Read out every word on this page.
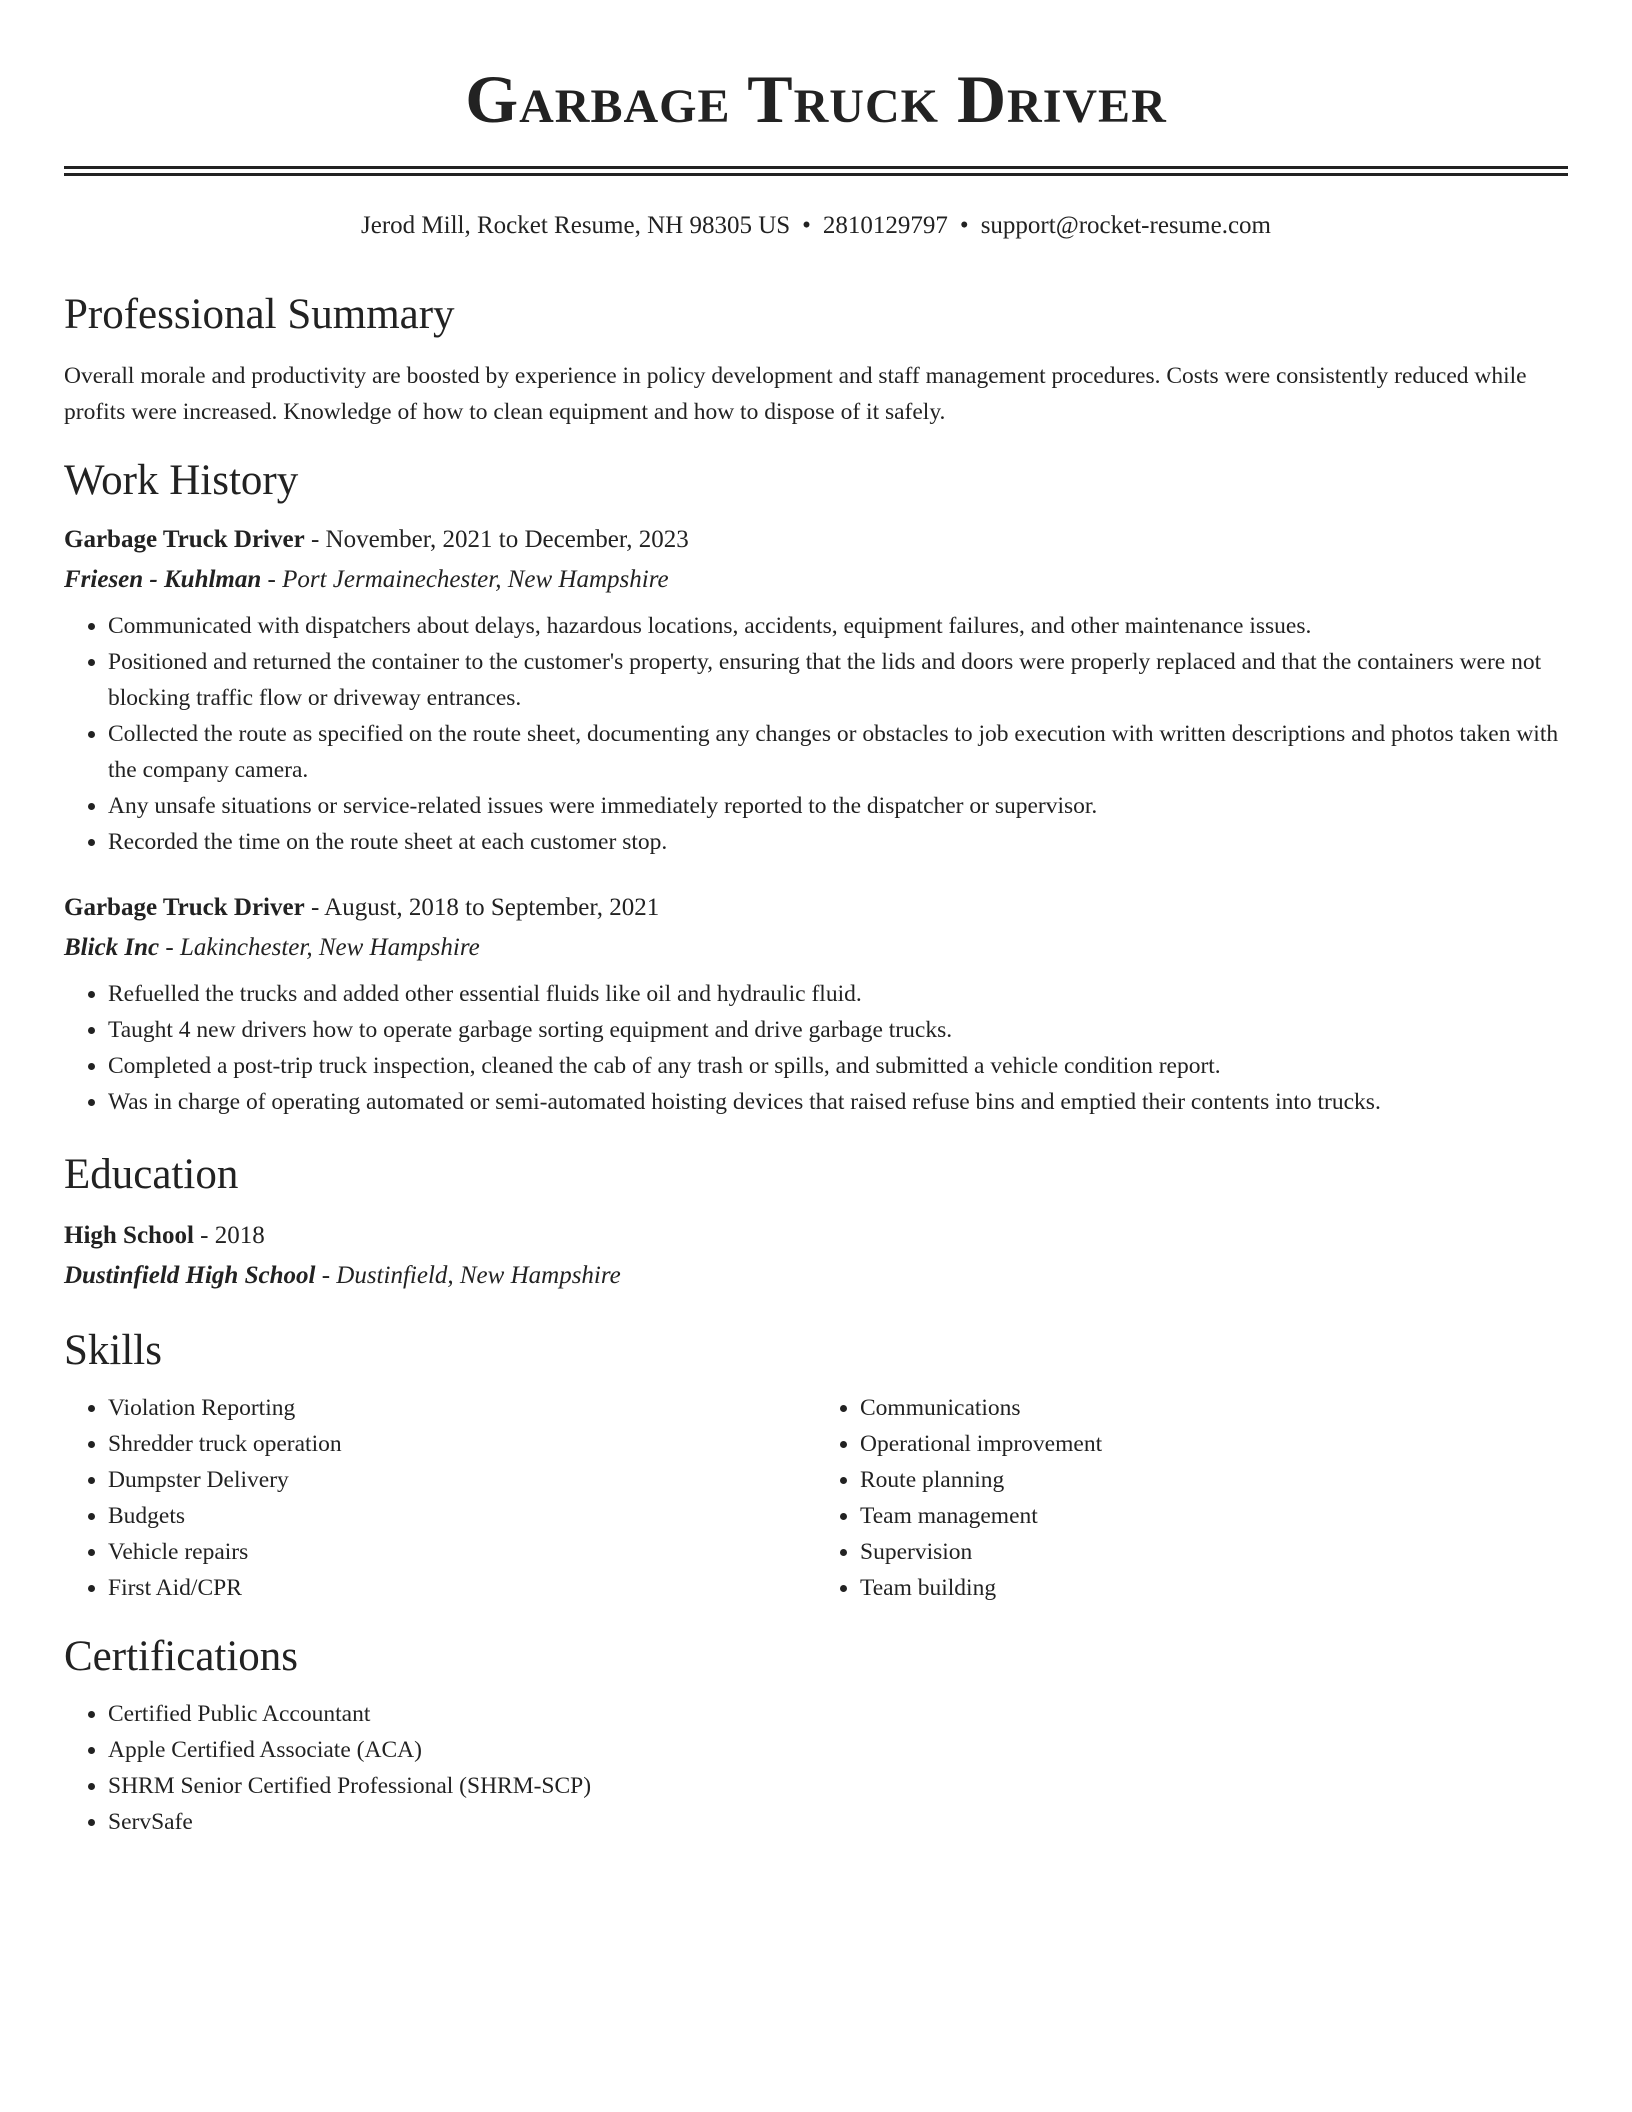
Garbage Truck Driver
Jerod Mill, Rocket Resume, NH 98305 US • 2810129797 • support@rocket-resume.com
Professional Summary

Overall morale and productivity are boosted by experience in policy development and staff management procedures. Costs were consistently reduced while profits were increased. Knowledge of how to clean equipment and how to dispose of it safely.

Work History
Garbage Truck Driver - November, 2021 to December, 2023
Friesen - Kuhlman - Port Jermainechester, New Hampshire
• Communicated with dispatchers about delays, hazardous locations, accidents, equipment failures, and other maintenance issues.
• Positioned and returned the container to the customer's property, ensuring that the lids and doors were properly replaced and that the containers were not blocking traffic flow or driveway entrances.
• Collected the route as specified on the route sheet, documenting any changes or obstacles to job execution with written descriptions and photos taken with the company camera.
• Any unsafe situations or service-related issues were immediately reported to the dispatcher or supervisor.
• Recorded the time on the route sheet at each customer stop.
Garbage Truck Driver - August, 2018 to September, 2021
Blick Inc - Lakinchester, New Hampshire
• Refuelled the trucks and added other essential fluids like oil and hydraulic fluid.
• Taught 4 new drivers how to operate garbage sorting equipment and drive garbage trucks.
• Completed a post-trip truck inspection, cleaned the cab of any trash or spills, and submitted a vehicle condition report.
• Was in charge of operating automated or semi-automated hoisting devices that raised refuse bins and emptied their contents into trucks.
Education
High School - 2018
Dustinfield High School - Dustinfield, New Hampshire
Skills
• Violation Reporting
• Shredder truck operation
• Dumpster Delivery
• Budgets
• Vehicle repairs
• First Aid/CPR
• Communications
• Operational improvement
• Route planning
• Team management
• Supervision
• Team building
Certifications
• Certified Public Accountant
• Apple Certified Associate (ACA)
• SHRM Senior Certified Professional (SHRM-SCP)
• ServSafe
